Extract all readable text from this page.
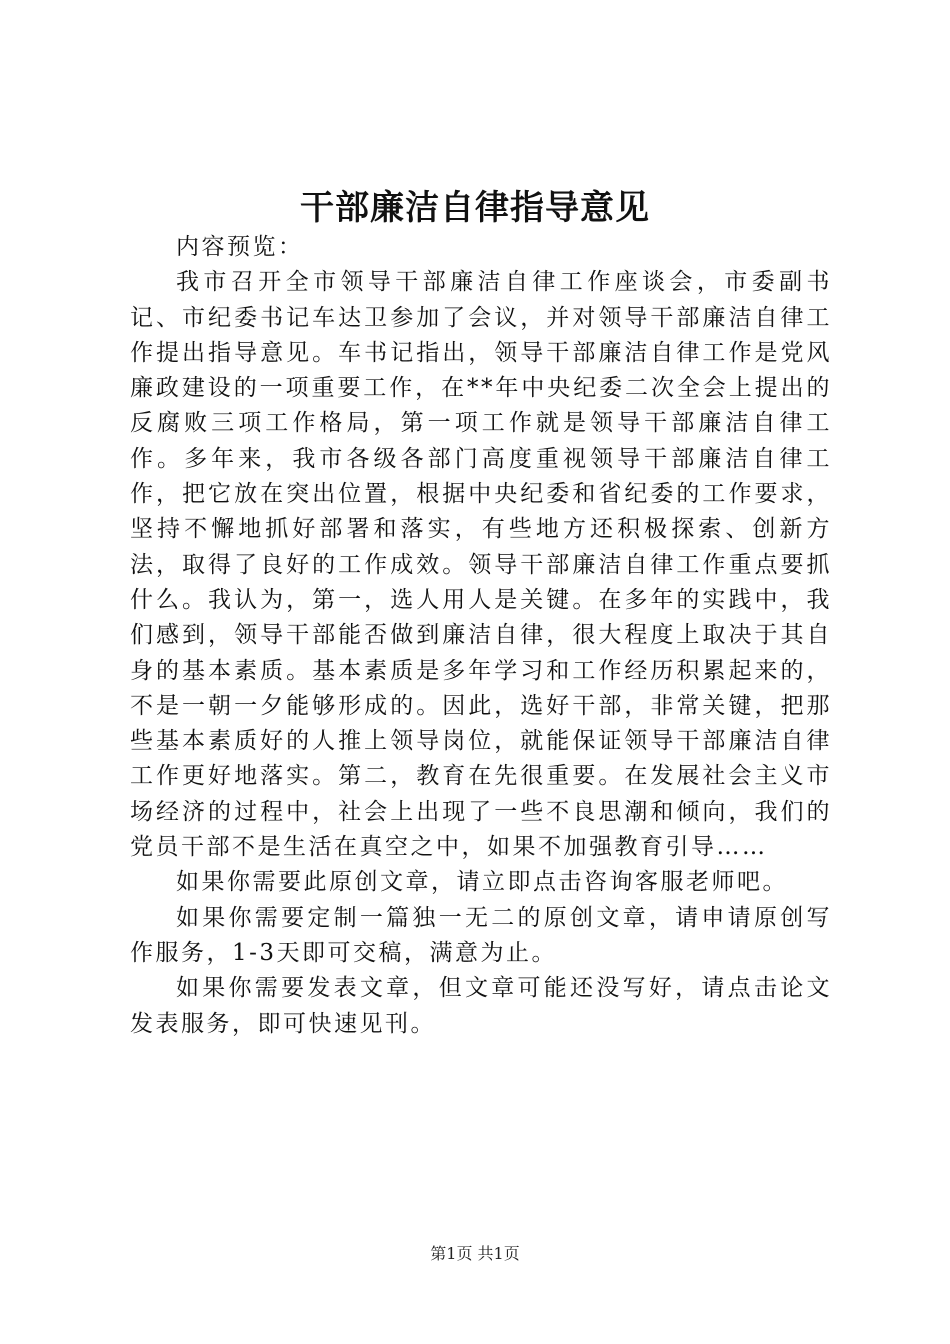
干部廉洁自律指导意见

内容预览：

我市召开全市领导干部廉洁自律工作座谈会，市委副书记、市纪委书记车达卫参加了会议，并对领导干部廉洁自律工作提出指导意见。车书记指出，领导干部廉洁自律工作是党风廉政建设的一项重要工作，在**年中央纪委二次全会上提出的反腐败三项工作格局，第一项工作就是领导干部廉洁自律工作。多年来，我市各级各部门高度重视领导干部廉洁自律工作，把它放在突出位置，根据中央纪委和省纪委的工作要求，坚持不懈地抓好部署和落实，有些地方还积极探索、创新方法，取得了良好的工作成效。领导干部廉洁自律工作重点要抓什么。我认为，第一，选人用人是关键。在多年的实践中，我们感到，领导干部能否做到廉洁自律，很大程度上取决于其自身的基本素质。基本素质是多年学习和工作经历积累起来的，不是一朝一夕能够形成的。因此，选好干部，非常关键，把那些基本素质好的人推上领导岗位，就能保证领导干部廉洁自律工作更好地落实。第二，教育在先很重要。在发展社会主义市场经济的过程中，社会上出现了一些不良思潮和倾向，我们的党员干部不是生活在真空之中，如果不加强教育引导……

如果你需要此原创文章，请立即点击咨询客服老师吧。

如果你需要定制一篇独一无二的原创文章，请申请原创写作服务，1-3天即可交稿，满意为止。

如果你需要发表文章，但文章可能还没写好，请点击论文发表服务，即可快速见刊。

第1页 共1页
